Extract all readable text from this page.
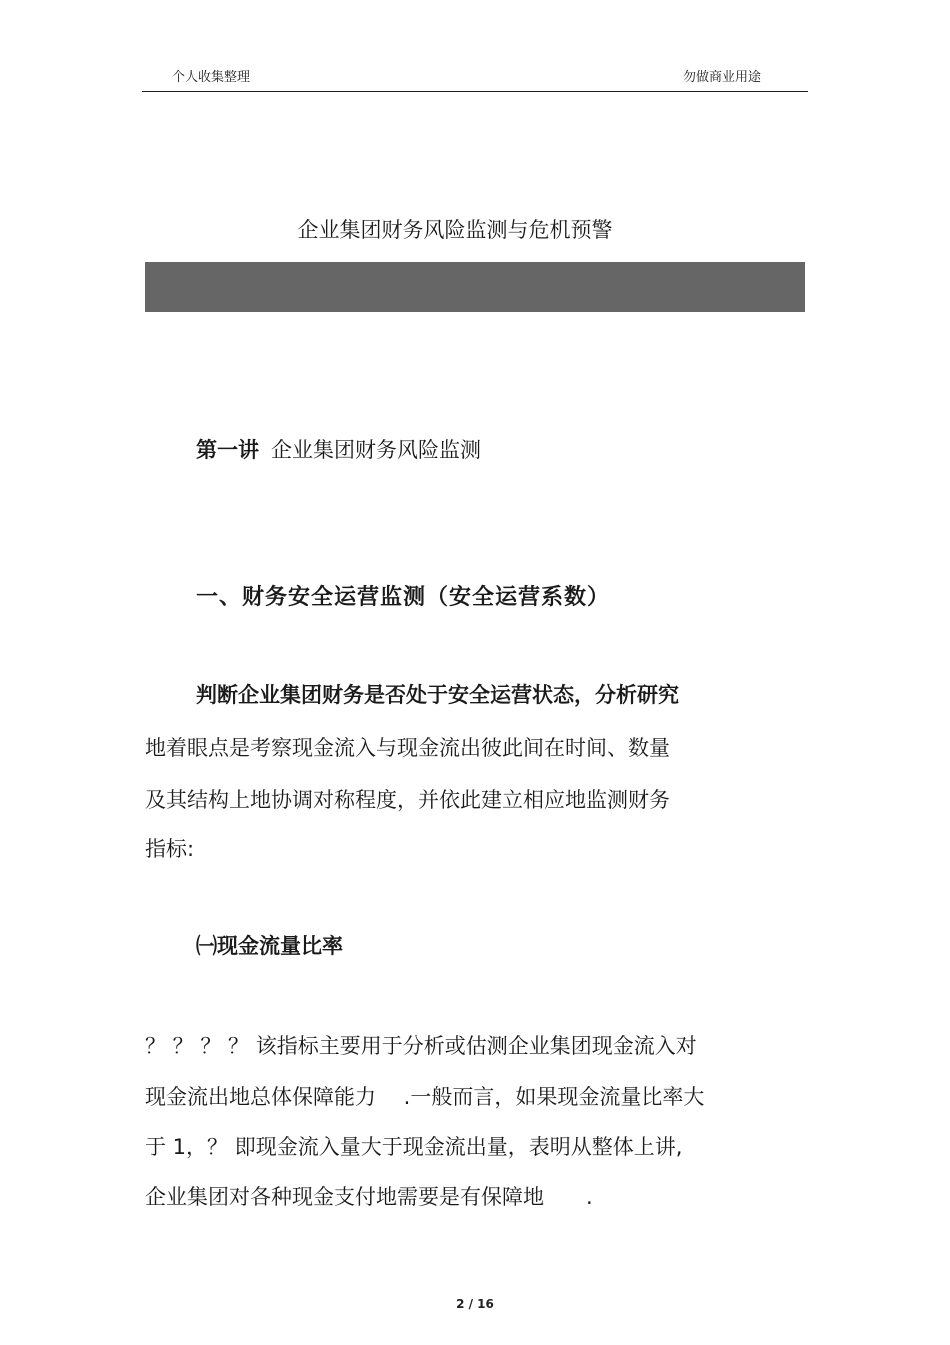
个人收集整理	勿做商业用途
企业集团财务风险监测与危机预警
第一讲 企业集团财务风险监测
一、财务安全运营监测（安全运营系数）
判断企业集团财务是否处于安全运营状态，分析研究
地着眼点是考察现金流入与现金流出彼此间在时间、数量
及其结构上地协调对称程度，并依此建立相应地监测财务
指标:
㈠现金流量比率
？ ？ ？ ？ 该指标主要用于分析或估测企业集团现金流入对
现金流出地总体保障能力　 .一般而言，如果现金流量比率大
于 1，？ 即现金流入量大于现金流出量，表明从整体上讲,
企业集团对各种现金支付地需要是有保障地　　.
2 / 16
